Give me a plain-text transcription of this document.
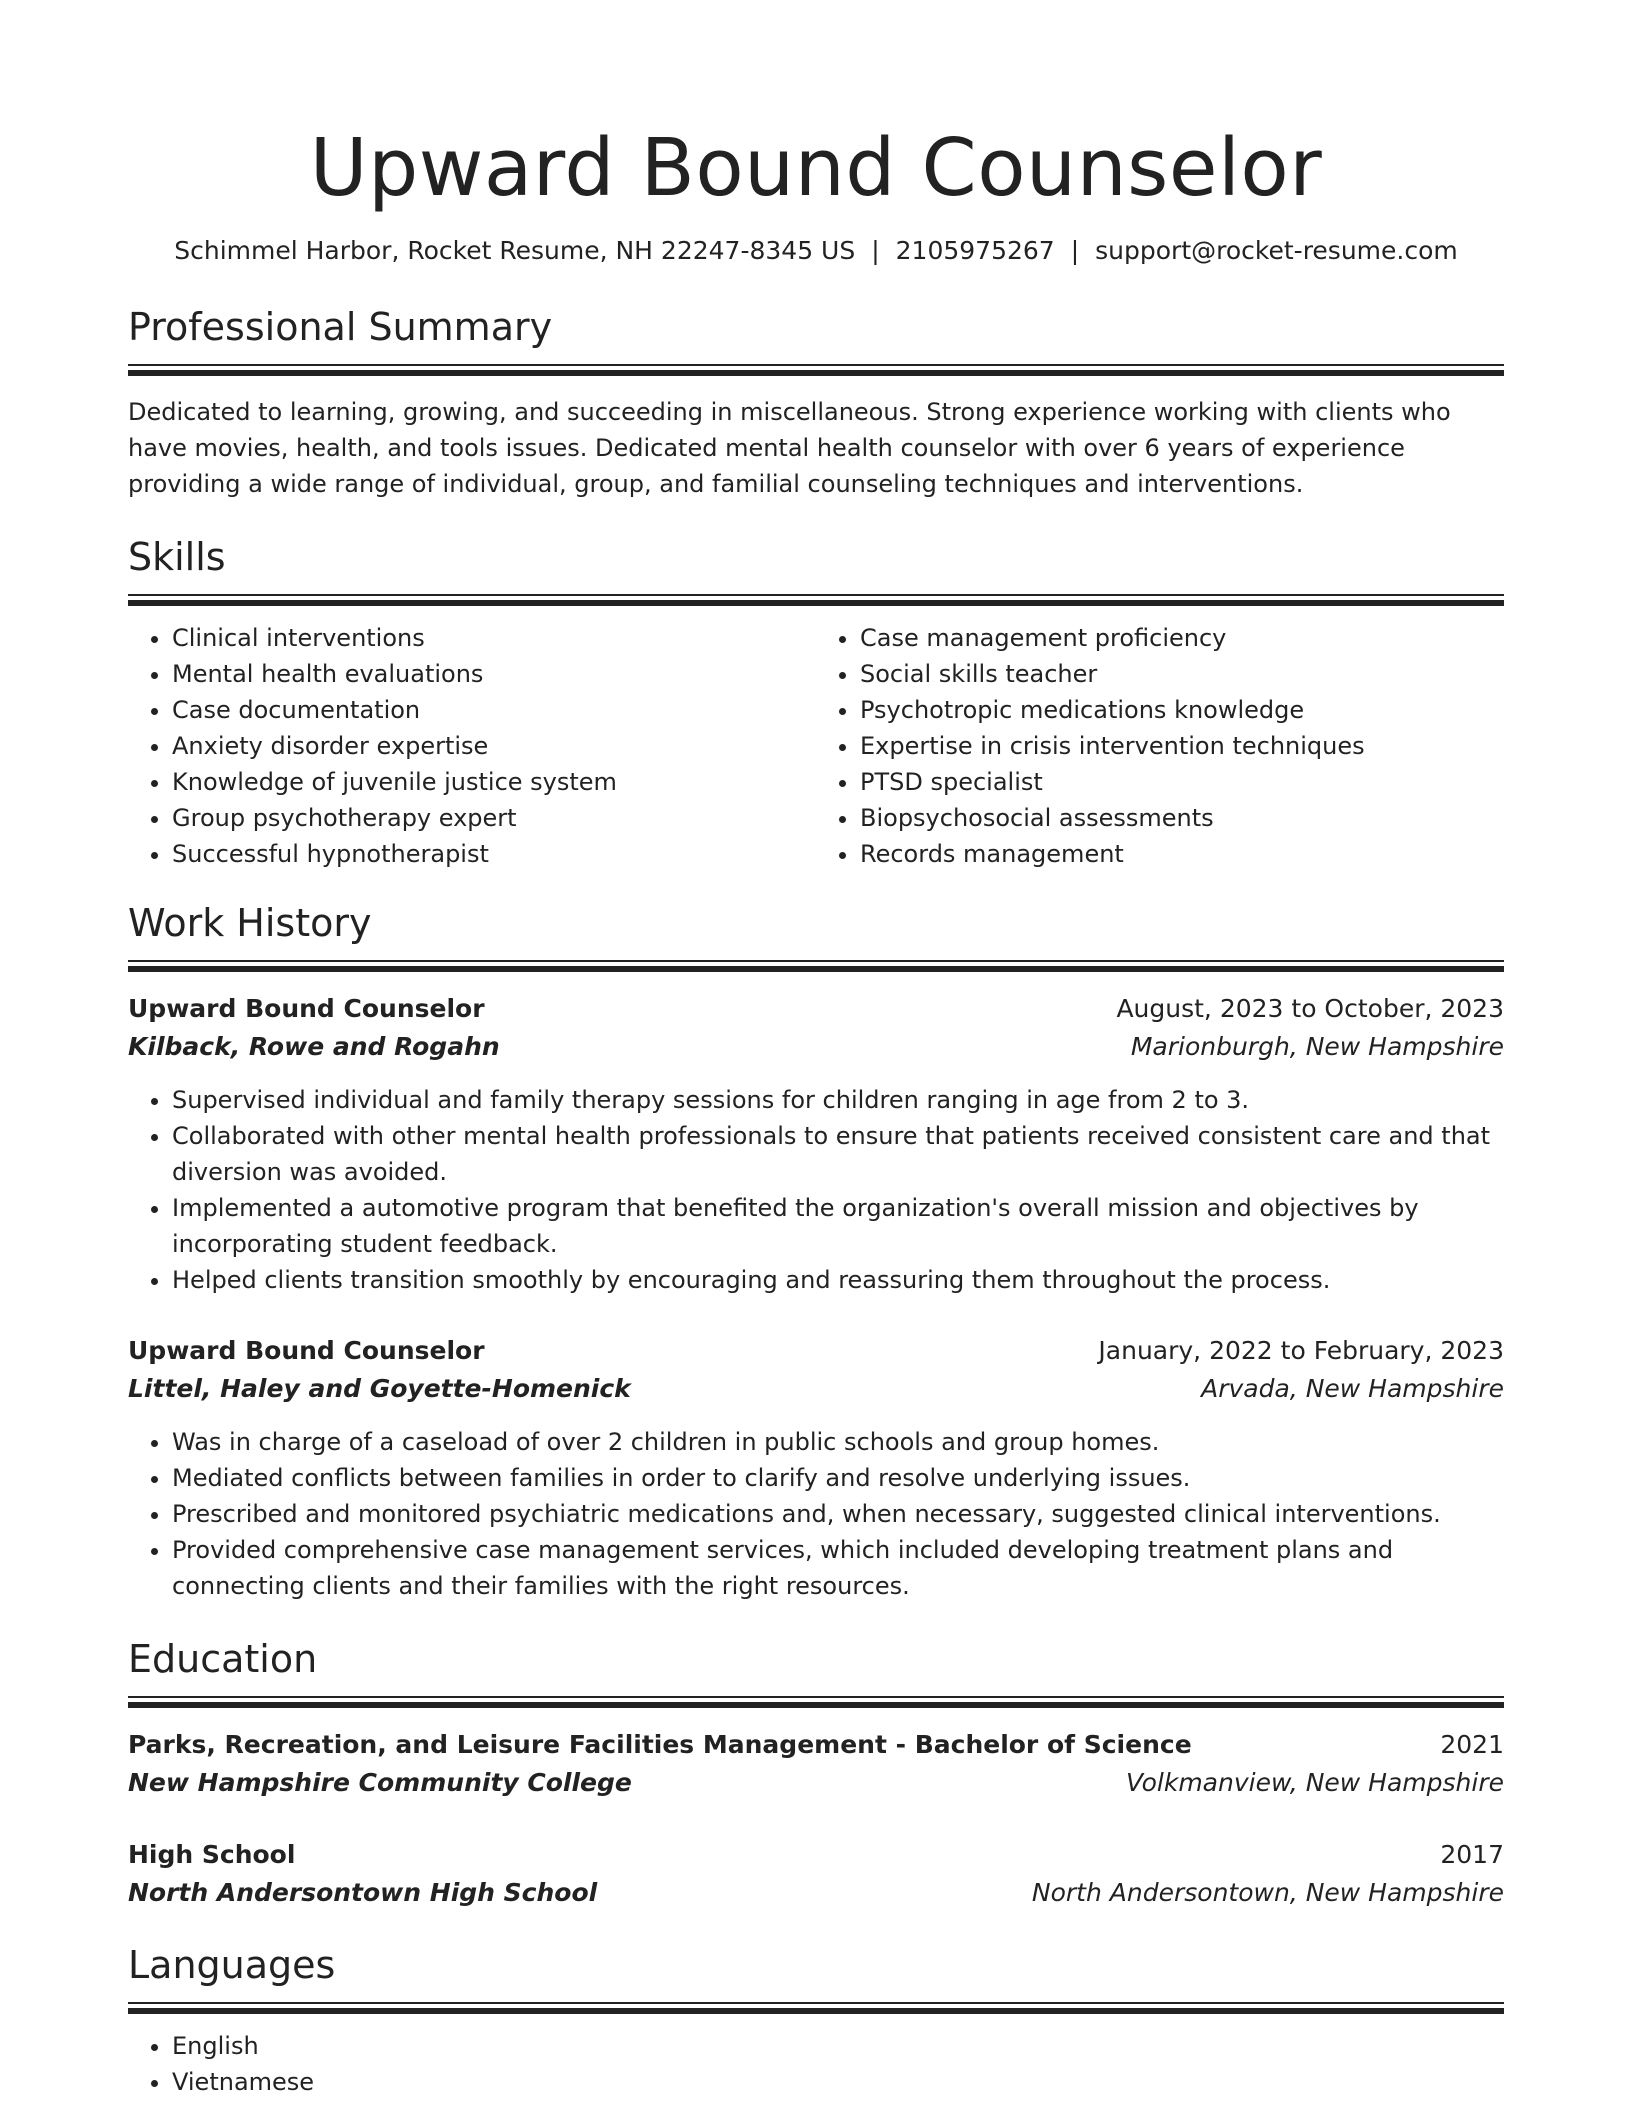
Upward Bound Counselor
Schimmel Harbor, Rocket Resume, NH 22247-8345 US | 2105975267 | support@rocket-resume.com
Professional Summary
Dedicated to learning, growing, and succeeding in miscellaneous. Strong experience working with clients who have movies, health, and tools issues. Dedicated mental health counselor with over 6 years of experience providing a wide range of individual, group, and familial counseling techniques and interventions.
Skills
• Clinical interventions
• Mental health evaluations
• Case documentation
• Anxiety disorder expertise
• Knowledge of juvenile justice system
• Group psychotherapy expert
• Successful hypnotherapist
• Case management proficiency
• Social skills teacher
• Psychotropic medications knowledge
• Expertise in crisis intervention techniques
• PTSD specialist
• Biopsychosocial assessments
• Records management
Work History
Upward Bound Counselor	August, 2023 to October, 2023
Kilback, Rowe and Rogahn	Marionburgh, New Hampshire
• Supervised individual and family therapy sessions for children ranging in age from 2 to 3.
• Collaborated with other mental health professionals to ensure that patients received consistent care and that diversion was avoided.
• Implemented a automotive program that benefited the organization's overall mission and objectives by incorporating student feedback.
• Helped clients transition smoothly by encouraging and reassuring them throughout the process.
Upward Bound Counselor	January, 2022 to February, 2023
Littel, Haley and Goyette-Homenick	Arvada, New Hampshire
• Was in charge of a caseload of over 2 children in public schools and group homes.
• Mediated conflicts between families in order to clarify and resolve underlying issues.
• Prescribed and monitored psychiatric medications and, when necessary, suggested clinical interventions.
• Provided comprehensive case management services, which included developing treatment plans and connecting clients and their families with the right resources.
Education
Parks, Recreation, and Leisure Facilities Management - Bachelor of Science	2021
New Hampshire Community College	Volkmanview, New Hampshire
High School	2017
North Andersontown High School	North Andersontown, New Hampshire
Languages
• English
• Vietnamese
